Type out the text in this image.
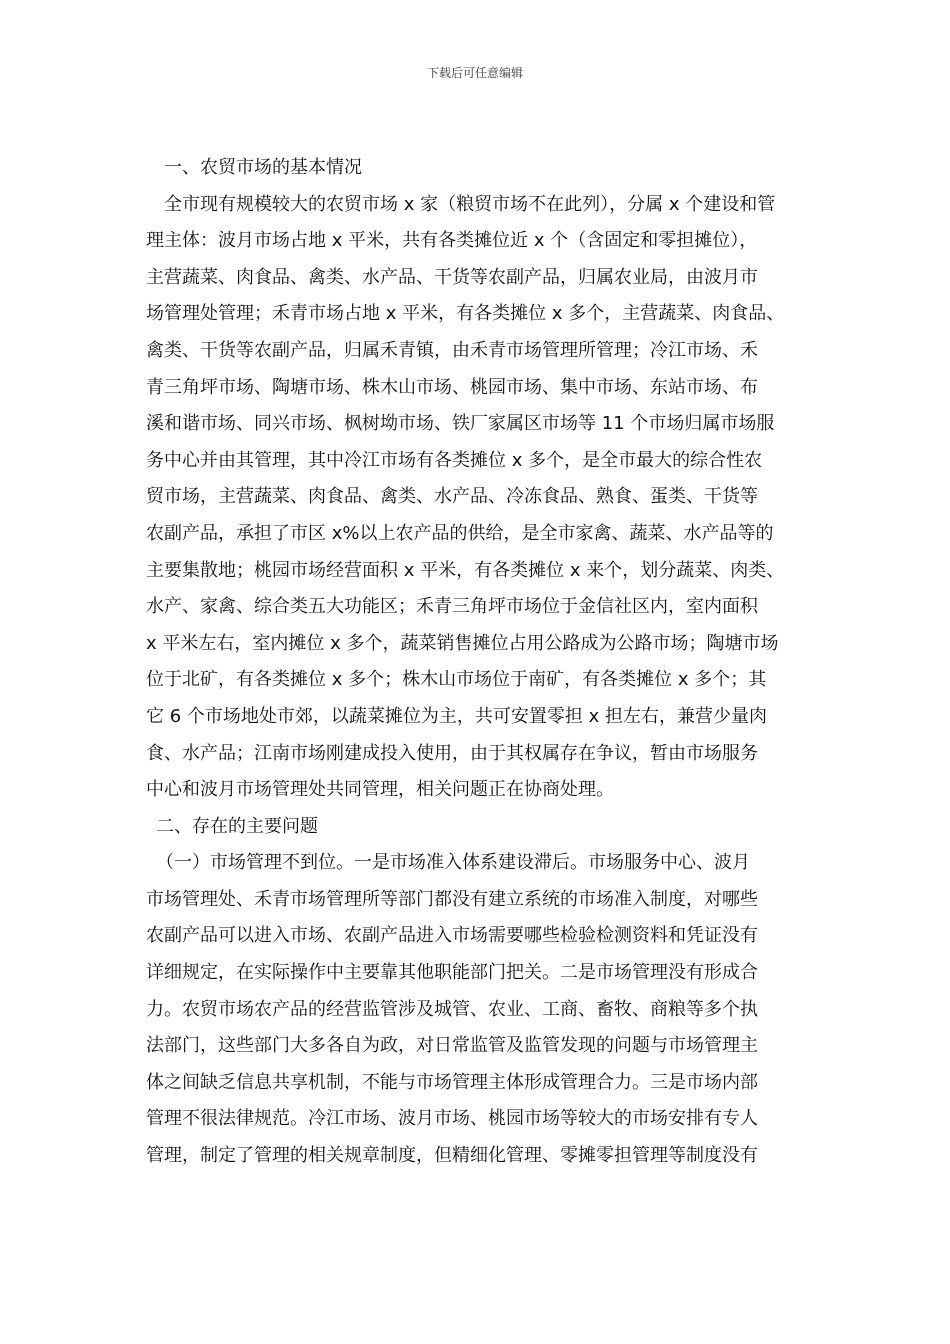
下载后可任意编辑
一、农贸市场的基本情况
全市现有规模较大的农贸市场 x 家（粮贸市场不在此列），分属 x 个建设和管
理主体：波月市场占地 x 平米，共有各类摊位近 x 个（含固定和零担摊位），
主营蔬菜、肉食品、禽类、水产品、干货等农副产品，归属农业局，由波月市
场管理处管理；禾青市场占地 x 平米，有各类摊位 x 多个，主营蔬菜、肉食品、
禽类、干货等农副产品，归属禾青镇，由禾青市场管理所管理；冷江市场、禾
青三角坪市场、陶塘市场、株木山市场、桃园市场、集中市场、东站市场、布
溪和谐市场、同兴市场、枫树坳市场、铁厂家属区市场等 11 个市场归属市场服
务中心并由其管理，其中冷江市场有各类摊位 x 多个，是全市最大的综合性农
贸市场，主营蔬菜、肉食品、禽类、水产品、冷冻食品、熟食、蛋类、干货等
农副产品，承担了市区 x%以上农产品的供给，是全市家禽、蔬菜、水产品等的
主要集散地；桃园市场经营面积 x 平米，有各类摊位 x 来个，划分蔬菜、肉类、
水产、家禽、综合类五大功能区；禾青三角坪市场位于金信社区内，室内面积
x 平米左右，室内摊位 x 多个，蔬菜销售摊位占用公路成为公路市场；陶塘市场
位于北矿，有各类摊位 x 多个；株木山市场位于南矿，有各类摊位 x 多个；其
它 6 个市场地处市郊，以蔬菜摊位为主，共可安置零担 x 担左右，兼营少量肉
食、水产品；江南市场刚建成投入使用，由于其权属存在争议，暂由市场服务
中心和波月市场管理处共同管理，相关问题正在协商处理。
二、存在的主要问题
（一）市场管理不到位。一是市场准入体系建设滞后。市场服务中心、波月
市场管理处、禾青市场管理所等部门都没有建立系统的市场准入制度，对哪些
农副产品可以进入市场、农副产品进入市场需要哪些检验检测资料和凭证没有
详细规定，在实际操作中主要靠其他职能部门把关。二是市场管理没有形成合
力。农贸市场农产品的经营监管涉及城管、农业、工商、畜牧、商粮等多个执
法部门，这些部门大多各自为政，对日常监管及监管发现的问题与市场管理主
体之间缺乏信息共享机制，不能与市场管理主体形成管理合力。三是市场内部
管理不很法律规范。冷江市场、波月市场、桃园市场等较大的市场安排有专人
管理，制定了管理的相关规章制度，但精细化管理、零摊零担管理等制度没有
